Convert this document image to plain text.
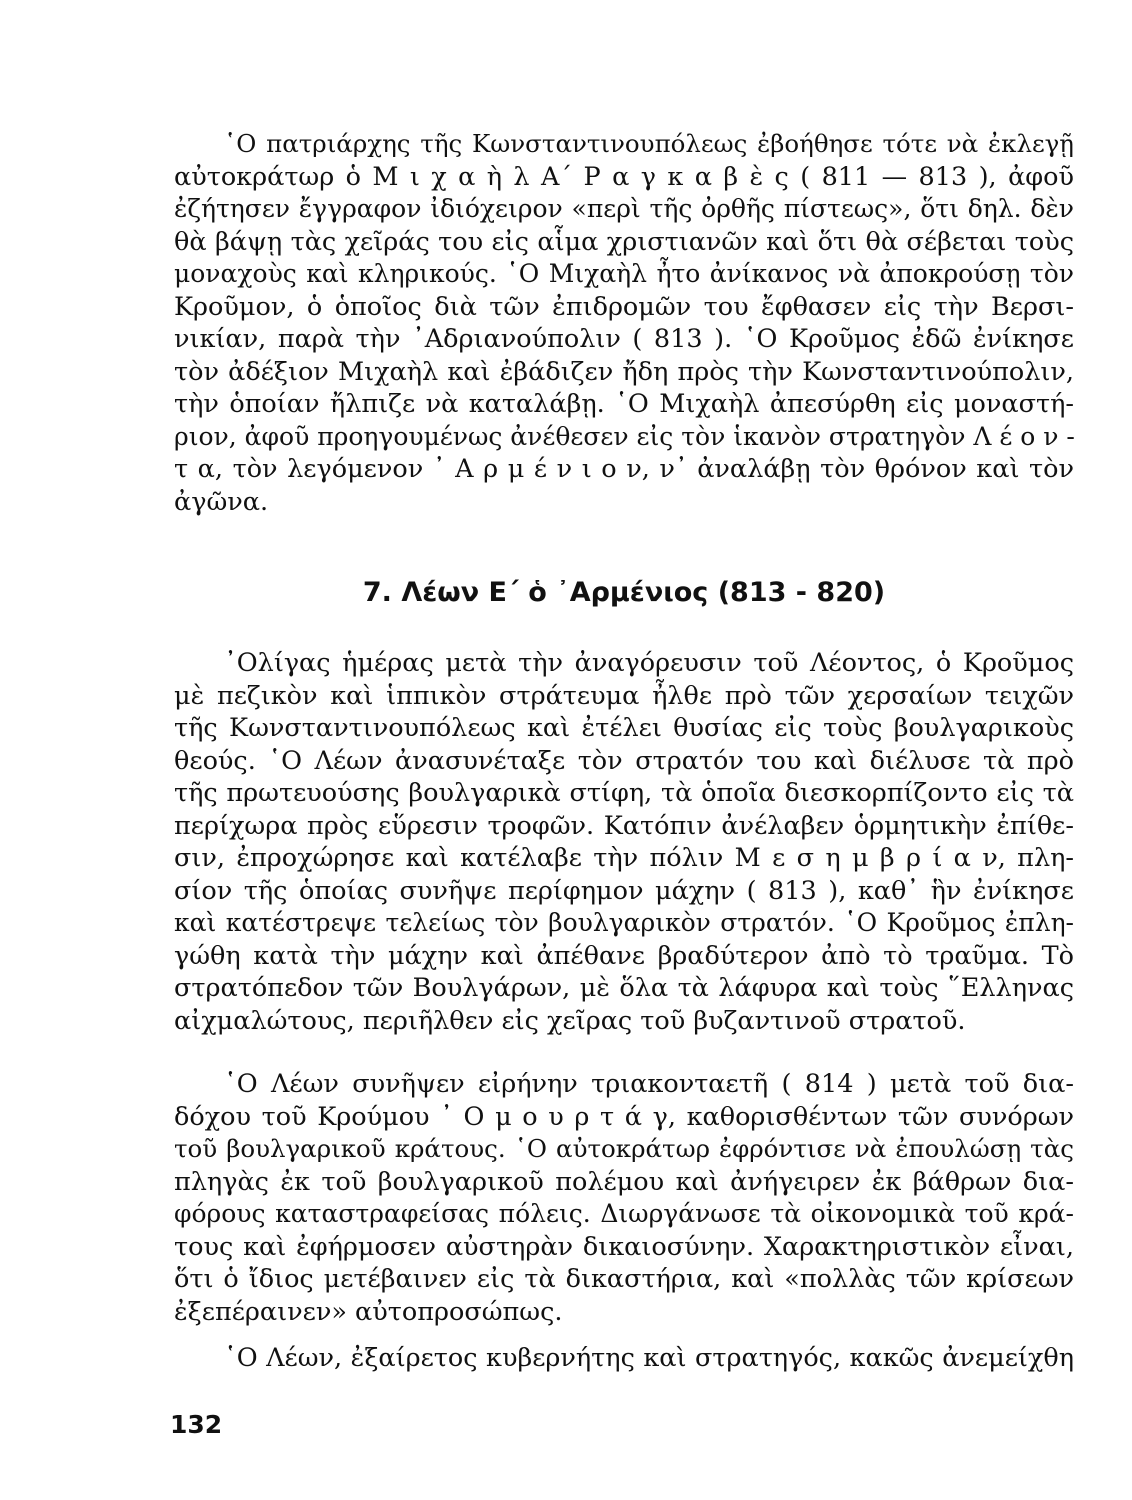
῾Ο πατριάρχης τῆς Κωνσταντινουπόλεως ἐβοήθησε τότε νὰ ἐκλεγῇ
αὐτοκράτωρ ὁ Μ ι χ α ὴ λ Α΄ Ρ α γ κ α β ὲ ς ( 811 — 813 ), ἀφοῦ
ἐζήτησεν ἔγγραφον ἰδιόχειρον «περὶ τῆς ὀρθῆς πίστεως», ὅτι δηλ. δὲν
θὰ βάψῃ τὰς χεῖράς του εἰς αἷμα χριστιανῶν καὶ ὅτι θὰ σέβεται τοὺς
μοναχοὺς καὶ κληρικούς. ῾Ο Μιχαὴλ ἦτο ἀνίκανος νὰ ἀποκρούσῃ τὸν
Κροῦμον, ὁ ὁποῖος διὰ τῶν ἐπιδρομῶν του ἔφθασεν εἰς τὴν Βερσι-
νικίαν, παρὰ τὴν ᾿Αδριανούπολιν ( 813 ). ῾Ο Κροῦμος ἐδῶ ἐνίκησε
τὸν ἀδέξιον Μιχαὴλ καὶ ἐβάδιζεν ἤδη πρὸς τὴν Κωνσταντινούπολιν,
τὴν ὁποίαν ἤλπιζε νὰ καταλάβῃ. ῾Ο Μιχαὴλ ἀπεσύρθη εἰς μοναστή-
ριον, ἀφοῦ προηγουμένως ἀνέθεσεν εἰς τὸν ἱκανὸν στρατηγὸν Λ έ ο ν -
τ α, τὸν λεγόμενον ᾿ Α ρ μ έ ν ι ο ν, ν᾿ ἀναλάβῃ τὸν θρόνον καὶ τὸν
ἀγῶνα.
7. Λέων Ε΄ ὁ ᾿Αρμένιος (813 - 820)
᾿Ολίγας ἡμέρας μετὰ τὴν ἀναγόρευσιν τοῦ Λέοντος, ὁ Κροῦμος
μὲ πεζικὸν καὶ ἱππικὸν στράτευμα ἦλθε πρὸ τῶν χερσαίων τειχῶν
τῆς Κωνσταντινουπόλεως καὶ ἐτέλει θυσίας εἰς τοὺς βουλγαρικοὺς
θεούς. ῾Ο Λέων ἀνασυνέταξε τὸν στρατόν του καὶ διέλυσε τὰ πρὸ
τῆς πρωτευούσης βουλγαρικὰ στίφη, τὰ ὁποῖα διεσκορπίζοντο εἰς τὰ
περίχωρα πρὸς εὕρεσιν τροφῶν. Κατόπιν ἀνέλαβεν ὁρμητικὴν ἐπίθε-
σιν, ἐπροχώρησε καὶ κατέλαβε τὴν πόλιν Μ ε σ η μ β ρ ί α ν, πλη-
σίον τῆς ὁποίας συνῆψε περίφημον μάχην ( 813 ), καθ᾿ ἣν ἐνίκησε
καὶ κατέστρεψε τελείως τὸν βουλγαρικὸν στρατόν. ῾Ο Κροῦμος ἐπλη-
γώθη κατὰ τὴν μάχην καὶ ἀπέθανε βραδύτερον ἀπὸ τὸ τραῦμα. Τὸ
στρατόπεδον τῶν Βουλγάρων, μὲ ὅλα τὰ λάφυρα καὶ τοὺς ῞Ελληνας
αἰχμαλώτους, περιῆλθεν εἰς χεῖρας τοῦ βυζαντινοῦ στρατοῦ.
῾Ο Λέων συνῆψεν εἰρήνην τριακονταετῆ ( 814 ) μετὰ τοῦ δια-
δόχου τοῦ Κρούμου ᾿ Ο μ ο υ ρ τ ά γ, καθορισθέντων τῶν συνόρων
τοῦ βουλγαρικοῦ κράτους. ῾Ο αὐτοκράτωρ ἐφρόντισε νὰ ἐπουλώσῃ τὰς
πληγὰς ἐκ τοῦ βουλγαρικοῦ πολέμου καὶ ἀνήγειρεν ἐκ βάθρων δια-
φόρους καταστραφείσας πόλεις. Διωργάνωσε τὰ οἰκονομικὰ τοῦ κρά-
τους καὶ ἐφήρμοσεν αὐστηρὰν δικαιοσύνην. Χαρακτηριστικὸν εἶναι,
ὅτι ὁ ἴδιος μετέβαινεν εἰς τὰ δικαστήρια, καὶ «πολλὰς τῶν κρίσεων
ἐξεπέραινεν» αὐτοπροσώπως.
῾Ο Λέων, ἐξαίρετος κυβερνήτης καὶ στρατηγός, κακῶς ἀνεμείχθη
132
